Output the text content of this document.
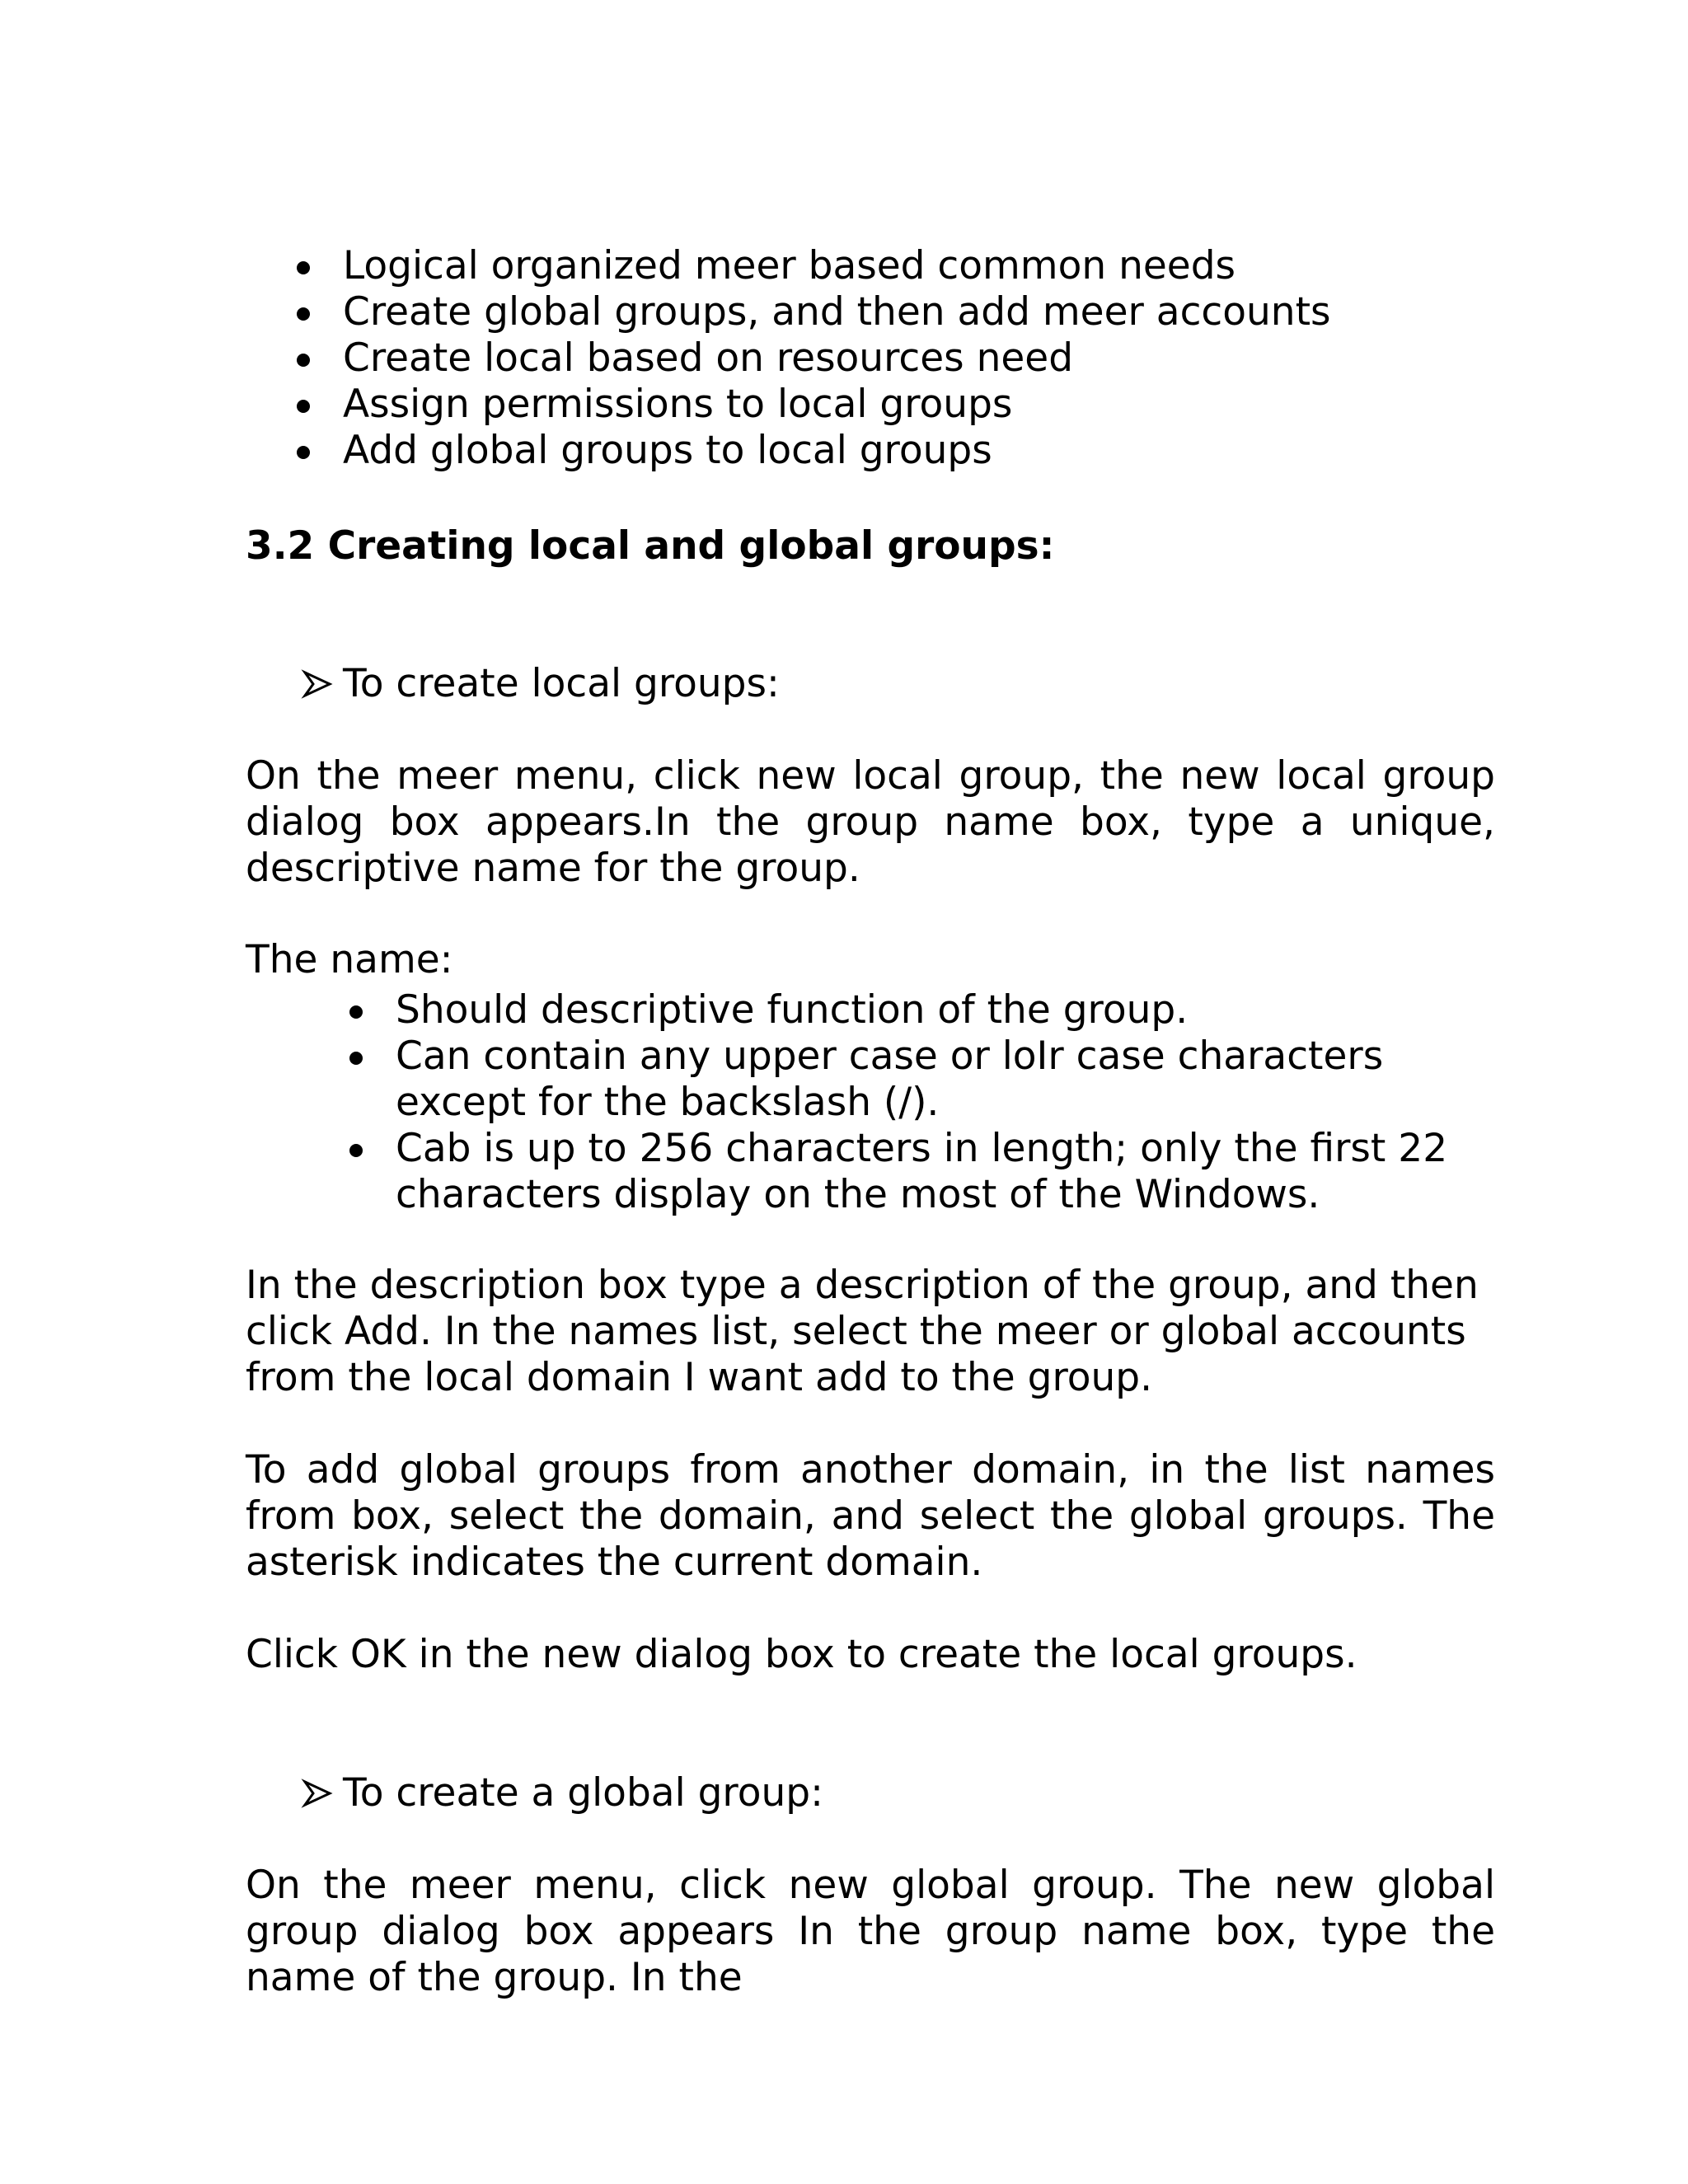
Logical organized meer based common needs
Create global groups, and then add meer accounts
Create local based on resources need
Assign permissions to local groups
Add global groups to local groups
3.2 Creating local and global groups:
To create local groups:

On the meer menu, click new local group, the new local group dialog box appears.In the group name box, type a unique, descriptive name for the group.

The name:

Should descriptive function of the group.
Can contain any upper case or loIr case characters except for the backslash (/).
Cab is up to 256 characters in length; only the first 22 characters display on the most of the Windows.

In the description box type a description of the group, and then click Add. In the names list, select the meer or global accounts from the local domain I want add to the group.

To add global groups from another domain, in the list names from box, select the domain, and select the global groups. The asterisk indicates the current domain.

Click OK in the new dialog box to create the local groups.

To create a global group:

On the meer menu, click new global group. The new global group dialog box appears In the group name box, type the name of the group. In the
